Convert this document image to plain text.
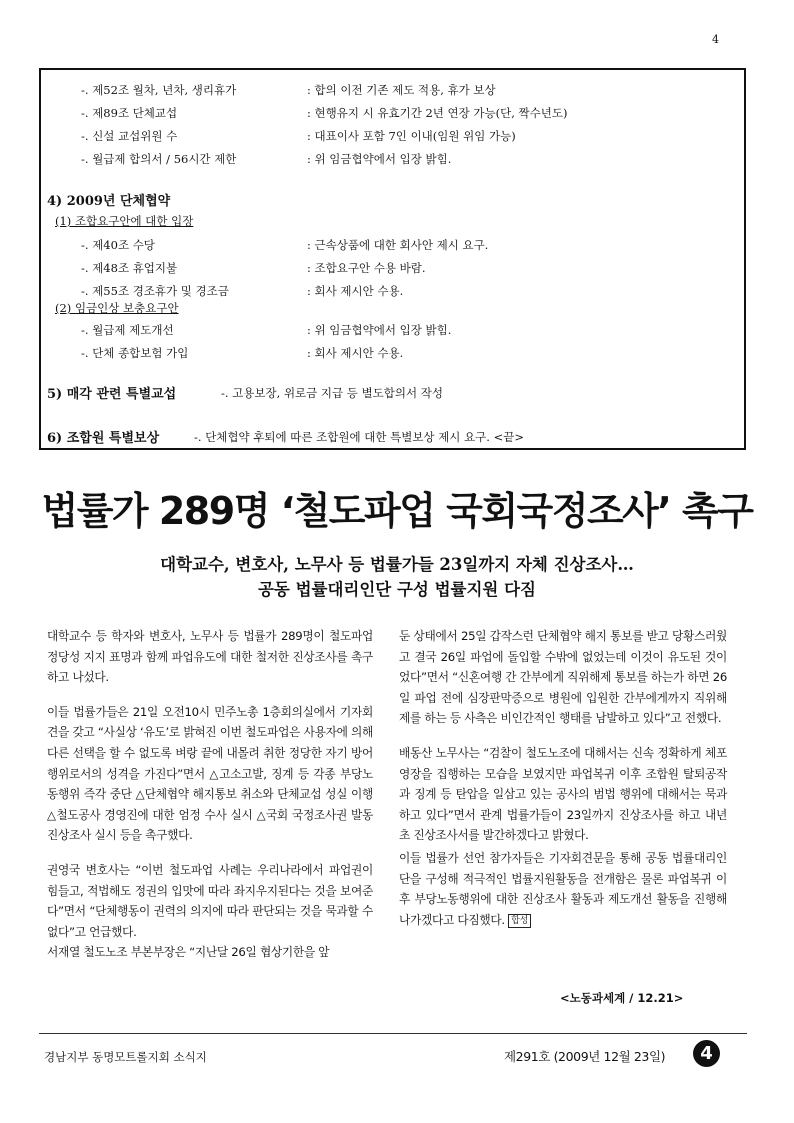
4
-. 제52조 월차, 년차, 생리휴가	: 합의 이전 기존 제도 적용, 휴가 보상
-. 제89조 단체교섭	: 현행유지 시 유효기간 2년 연장 가능(단, 짝수년도)
-. 신설 교섭위원 수	: 대표이사 포함 7인 이내(임원 위임 가능)
-. 월급제 합의서 / 56시간 제한	: 위 임금협약에서 입장 밝힘.
4) 2009년 단체협약
(1) 조합요구안에 대한 입장
-. 제40조 수당	: 근속상품에 대한 회사안 제시 요구.
-. 제48조 휴업지불	: 조합요구안 수용 바람.
-. 제55조 경조휴가 및 경조금	: 회사 제시안 수용.
(2) 임금인상 보충요구안
-. 월급제 제도개선	: 위 임금협약에서 입장 밝힘.
-. 단체 종합보험 가입	: 회사 제시안 수용.
5) 매각 관련 특별교섭	-. 고용보장, 위로금 지급 등 별도합의서 작성
6) 조합원 특별보상	-. 단체협약 후퇴에 따른 조합원에 대한 특별보상 제시 요구. <끝>
법률가 289명 ‘철도파업 국회국정조사’ 촉구
대학교수, 변호사, 노무사 등 법률가들 23일까지 자체 진상조사…
공동 법률대리인단 구성 법률지원 다짐

대학교수 등 학자와 변호사, 노무사 등 법률가 289명이 철도파업 정당성 지지 표명과 함께 파업유도에 대한 철저한 진상조사를 촉구하고 나섰다.

이들 법률가들은 21일 오전10시 민주노총 1층회의실에서 기자회견을 갖고 “사실상 ‘유도’로 밝혀진 이번 철도파업은 사용자에 의해 다른 선택을 할 수 없도록 벼랑 끝에 내몰려 취한 정당한 자기 방어행위로서의 성격을 가진다”면서 △고소고발, 징계 등 각종 부당노동행위 즉각 중단 △단체협약 해지통보 취소와 단체교섭 성실 이행 △철도공사 경영진에 대한 엄정 수사 실시 △국회 국정조사권 발동 진상조사 실시 등을 촉구했다.

권영국 변호사는 “이번 철도파업 사례는 우리나라에서 파업권이 힘들고, 적법해도 정권의 입맛에 따라 좌지우지된다는 것을 보여준다”면서 “단체행동이 권력의 의지에 따라 판단되는 것을 묵과할 수 없다”고 언급했다.

서재열 철도노조 부본부장은 “지난달 26일 협상기한을 앞

둔 상태에서 25일 갑작스런 단체협약 해지 통보를 받고 당황스러웠고 결국 26일 파업에 돌입할 수밖에 없었는데 이것이 유도된 것이었다”면서 “신혼여행 간 간부에게 직위해제 통보를 하는가 하면 26일 파업 전에 심장판막증으로 병원에 입원한 간부에게까지 직위해제를 하는 등 사측은 비인간적인 행태를 남발하고 있다”고 전했다.

배동산 노무사는 “검찰이 철도노조에 대해서는 신속 정확하게 체포영장을 집행하는 모습을 보였지만 파업복귀 이후 조합원 탈퇴공작과 징계 등 탄압을 일삼고 있는 공사의 범법 행위에 대해서는 묵과하고 있다”면서 관계 법률가들이 23일까지 진상조사를 하고 내년 초 진상조사서를 발간하겠다고 밝혔다.

이들 법률가 선언 참가자들은 기자회견문을 통해 공동 법률대리인단을 구성해 적극적인 법률지원활동을 전개함은 물론 파업복귀 이후 부당노동행위에 대한 진상조사 활동과 제도개선 활동을 진행해 나가겠다고 다짐했다. 합성

<노동과세계 / 12.21>
경남지부 동명모트롤지회 소식지	제291호 (2009년 12월 23일)	4
